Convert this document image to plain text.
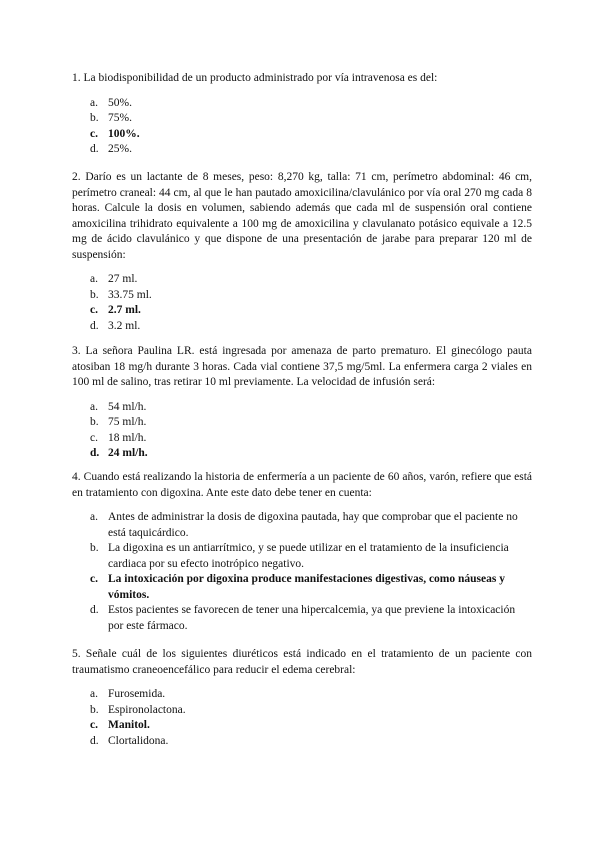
1. La biodisponibilidad de un producto administrado por vía intravenosa es del:

a. 50%.
b. 75%.
c. 100%.
d. 25%.

2. Darío es un lactante de 8 meses, peso: 8,270 kg, talla: 71 cm, perímetro abdominal: 46 cm, perímetro craneal: 44 cm, al que le han pautado amoxicilina/clavulánico por vía oral 270 mg cada 8 horas. Calcule la dosis en volumen, sabiendo además que cada ml de suspensión oral contiene amoxicilina trihidrato equivalente a 100 mg de amoxicilina y clavulanato potásico equivale a 12.5 mg de ácido clavulánico y que dispone de una presentación de jarabe para preparar 120 ml de suspensión:

a. 27 ml.
b. 33.75 ml.
c. 2.7 ml.
d. 3.2 ml.

3. La señora Paulina LR. está ingresada por amenaza de parto prematuro. El ginecólogo pauta atosiban 18 mg/h durante 3 horas. Cada vial contiene 37,5 mg/5ml. La enfermera carga 2 viales en 100 ml de salino, tras retirar 10 ml previamente. La velocidad de infusión será:

a. 54 ml/h.
b. 75 ml/h.
c. 18 ml/h.
d. 24 ml/h.

4. Cuando está realizando la historia de enfermería a un paciente de 60 años, varón, refiere que está en tratamiento con digoxina. Ante este dato debe tener en cuenta:

a. Antes de administrar la dosis de digoxina pautada, hay que comprobar que el paciente no está taquicárdico.
b. La digoxina es un antiarrítmico, y se puede utilizar en el tratamiento de la insuficiencia cardiaca por su efecto inotrópico negativo.
c. La intoxicación por digoxina produce manifestaciones digestivas, como náuseas y vómitos.
d. Estos pacientes se favorecen de tener una hipercalcemia, ya que previene la intoxicación por este fármaco.

5. Señale cuál de los siguientes diuréticos está indicado en el tratamiento de un paciente con traumatismo craneoencefálico para reducir el edema cerebral:

a. Furosemida.
b. Espironolactona.
c. Manitol.
d. Clortalidona.
